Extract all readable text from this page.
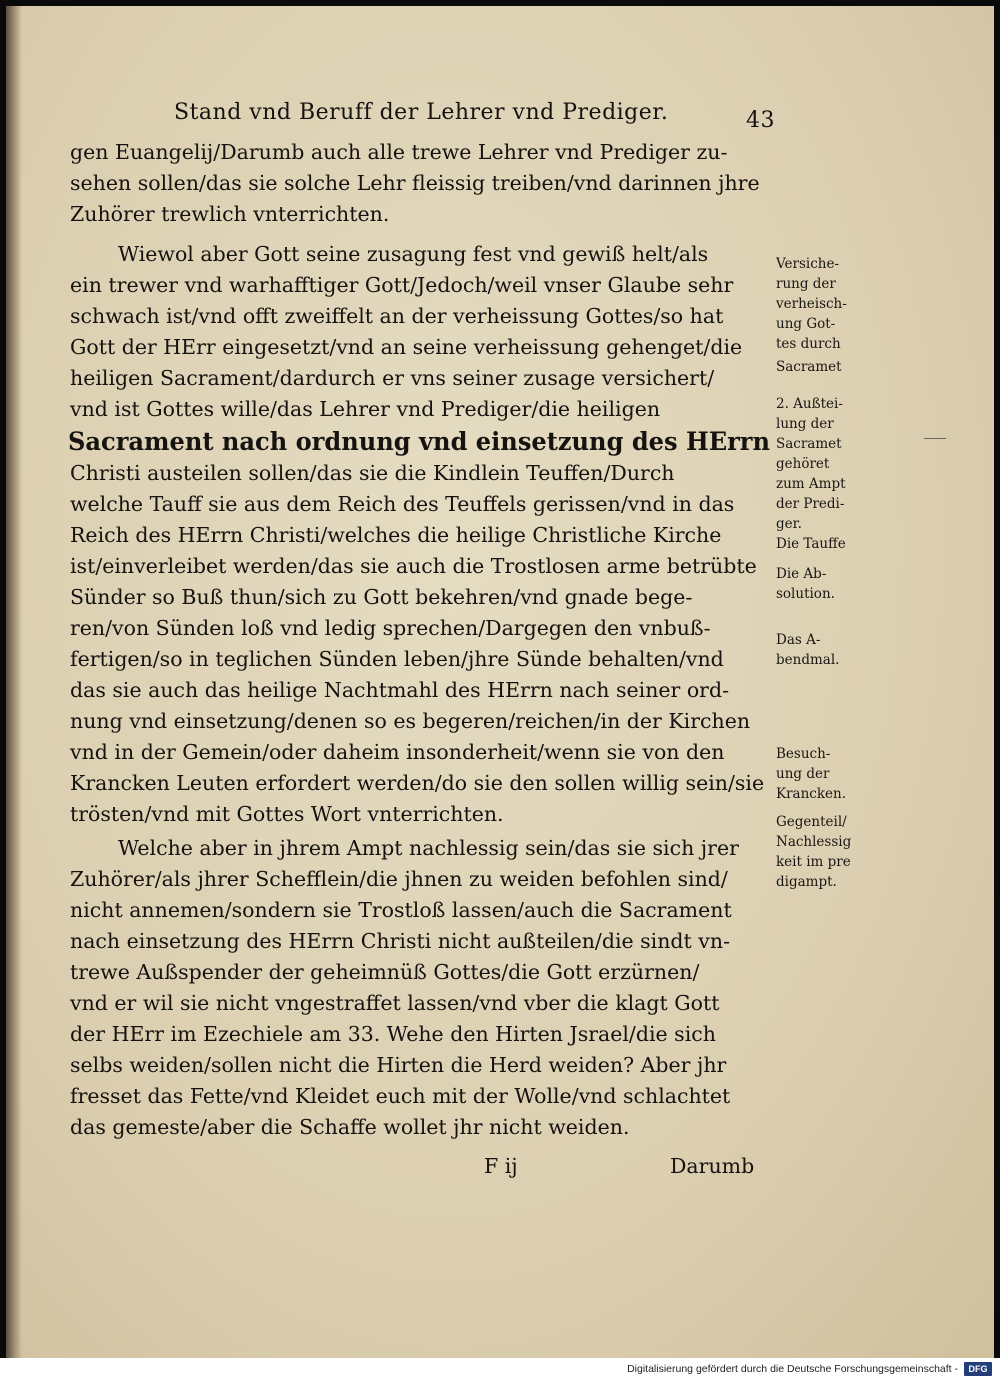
Stand vnd Beruff der Lehrer vnd Prediger.	43

gen Euangelij/Darumb auch alle trewe Lehrer vnd Prediger zu-

sehen sollen/das sie solche Lehr fleissig treiben/vnd darinnen jhre

Zuhörer trewlich vnterrichten.

Wiewol aber Gott seine zusagung fest vnd gewiß helt/als

ein trewer vnd warhafftiger Gott/Jedoch/weil vnser Glaube sehr

schwach ist/vnd offt zweiffelt an der verheissung Gottes/so hat

Gott der HErr eingesetzt/vnd an seine verheissung gehenget/die

heiligen Sacrament/dardurch er vns seiner zusage versichert/

vnd ist Gottes wille/das Lehrer vnd Prediger/die heiligen

Sacrament nach ordnung vnd einsetzung des HErrn

Christi austeilen sollen/das sie die Kindlein Teuffen/Durch

welche Tauff sie aus dem Reich des Teuffels gerissen/vnd in das

Reich des HErrn Christi/welches die heilige Christliche Kirche

ist/einverleibet werden/das sie auch die Trostlosen arme betrübte

Sünder so Buß thun/sich zu Gott bekehren/vnd gnade bege-

ren/von Sünden loß vnd ledig sprechen/Dargegen den vnbuß-

fertigen/so in teglichen Sünden leben/jhre Sünde behalten/vnd

das sie auch das heilige Nachtmahl des HErrn nach seiner ord-

nung vnd einsetzung/denen so es begeren/reichen/in der Kirchen

vnd in der Gemein/oder daheim insonderheit/wenn sie von den

Krancken Leuten erfordert werden/do sie den sollen willig sein/sie

trösten/vnd mit Gottes Wort vnterrichten.

Welche aber in jhrem Ampt nachlessig sein/das sie sich jrer

Zuhörer/als jhrer Schefflein/die jhnen zu weiden befohlen sind/

nicht annemen/sondern sie Trostloß lassen/auch die Sacrament

nach einsetzung des HErrn Christi nicht außteilen/die sindt vn-

trewe Außspender der geheimnüß Gottes/die Gott erzürnen/

vnd er wil sie nicht vngestraffet lassen/vnd vber die klagt Gott

der HErr im Ezechiele am 33. Wehe den Hirten Jsrael/die sich

selbs weiden/sollen nicht die Hirten die Herd weiden? Aber jhr

fresset das Fette/vnd Kleidet euch mit der Wolle/vnd schlachtet

das gemeste/aber die Schaffe wollet jhr nicht weiden.

F ij	Darumb

Versiche-

rung der

verheisch-

ung Got-

tes durch

Sacramet

2. Außtei-

lung der

Sacramet

gehöret

zum Ampt

der Predi-

ger.

Die Tauffe

Die Ab-

solution.

Das A-

bendmal.

Besuch-

ung der

Krancken.

Gegenteil/

Nachlessig

keit im pre

digampt.

Digitalisierung gefördert durch die Deutsche Forschungsgemeinschaft -	DFG
